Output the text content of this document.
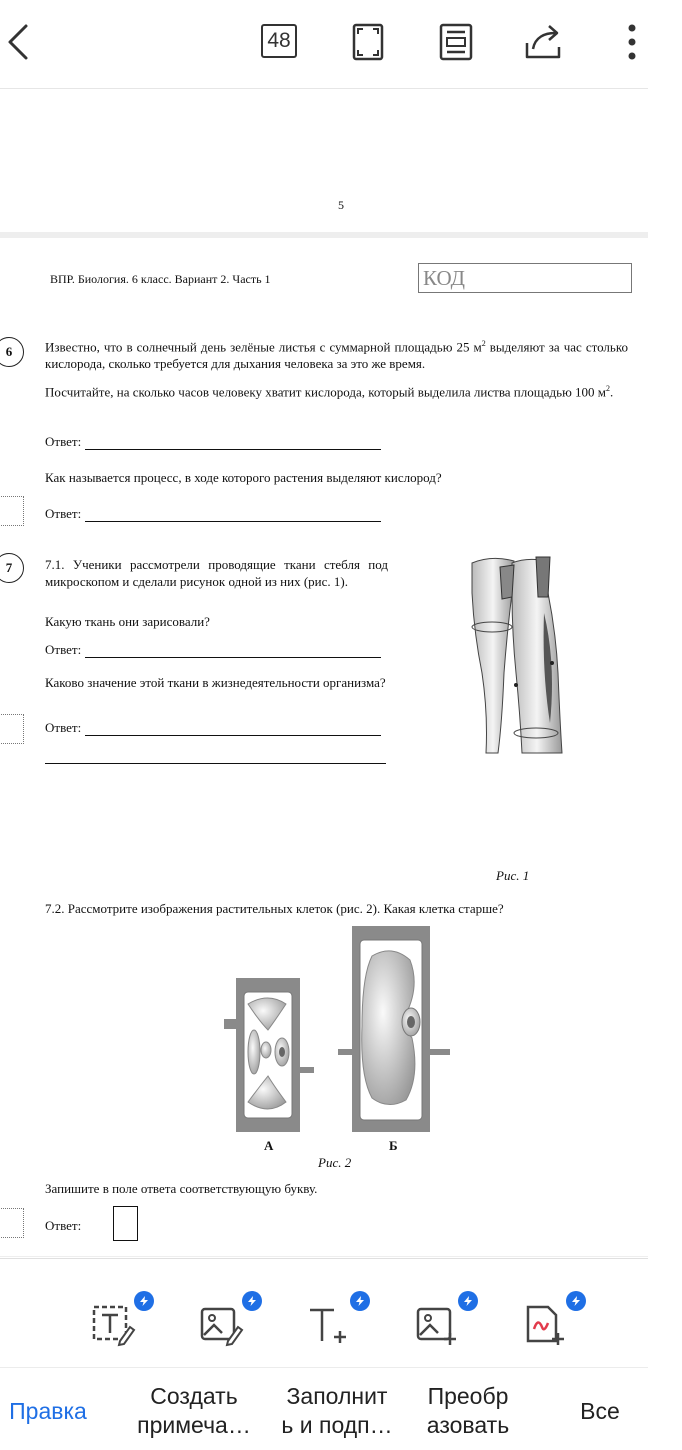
48
5
ВПР. Биология. 6 класс. Вариант 2. Часть 1	КОД
6	Известно, что в солнечный день зелёные листья с суммарной площадью 25 $м^2$ выделяют за час столько кислорода, сколько требуется для дыхания человека за это же время.
Посчитайте, на сколько часов человеку хватит кислорода, который выделила листва площадью 100 $м^2$.
Ответ:
Как называется процесс, в ходе которого растения выделяют кислород?
Ответ:
7	7.1. Ученики рассмотрели проводящие ткани стебля под микроскопом и сделали рисунок одной из них (рис. 1).
Какую ткань они зарисовали?
Ответ:
Каково значение этой ткани в жизнедеятельности организма?
Ответ:
Рис. 1
7.2. Рассмотрите изображения растительных клеток (рис. 2). Какая клетка старше?
А	Б
Рис. 2
Запишите в поле ответа соответствующую букву.
Ответ:
Правка
Создать
примеча…
Заполнит
ь и подп…
Преобр
азовать
Все
